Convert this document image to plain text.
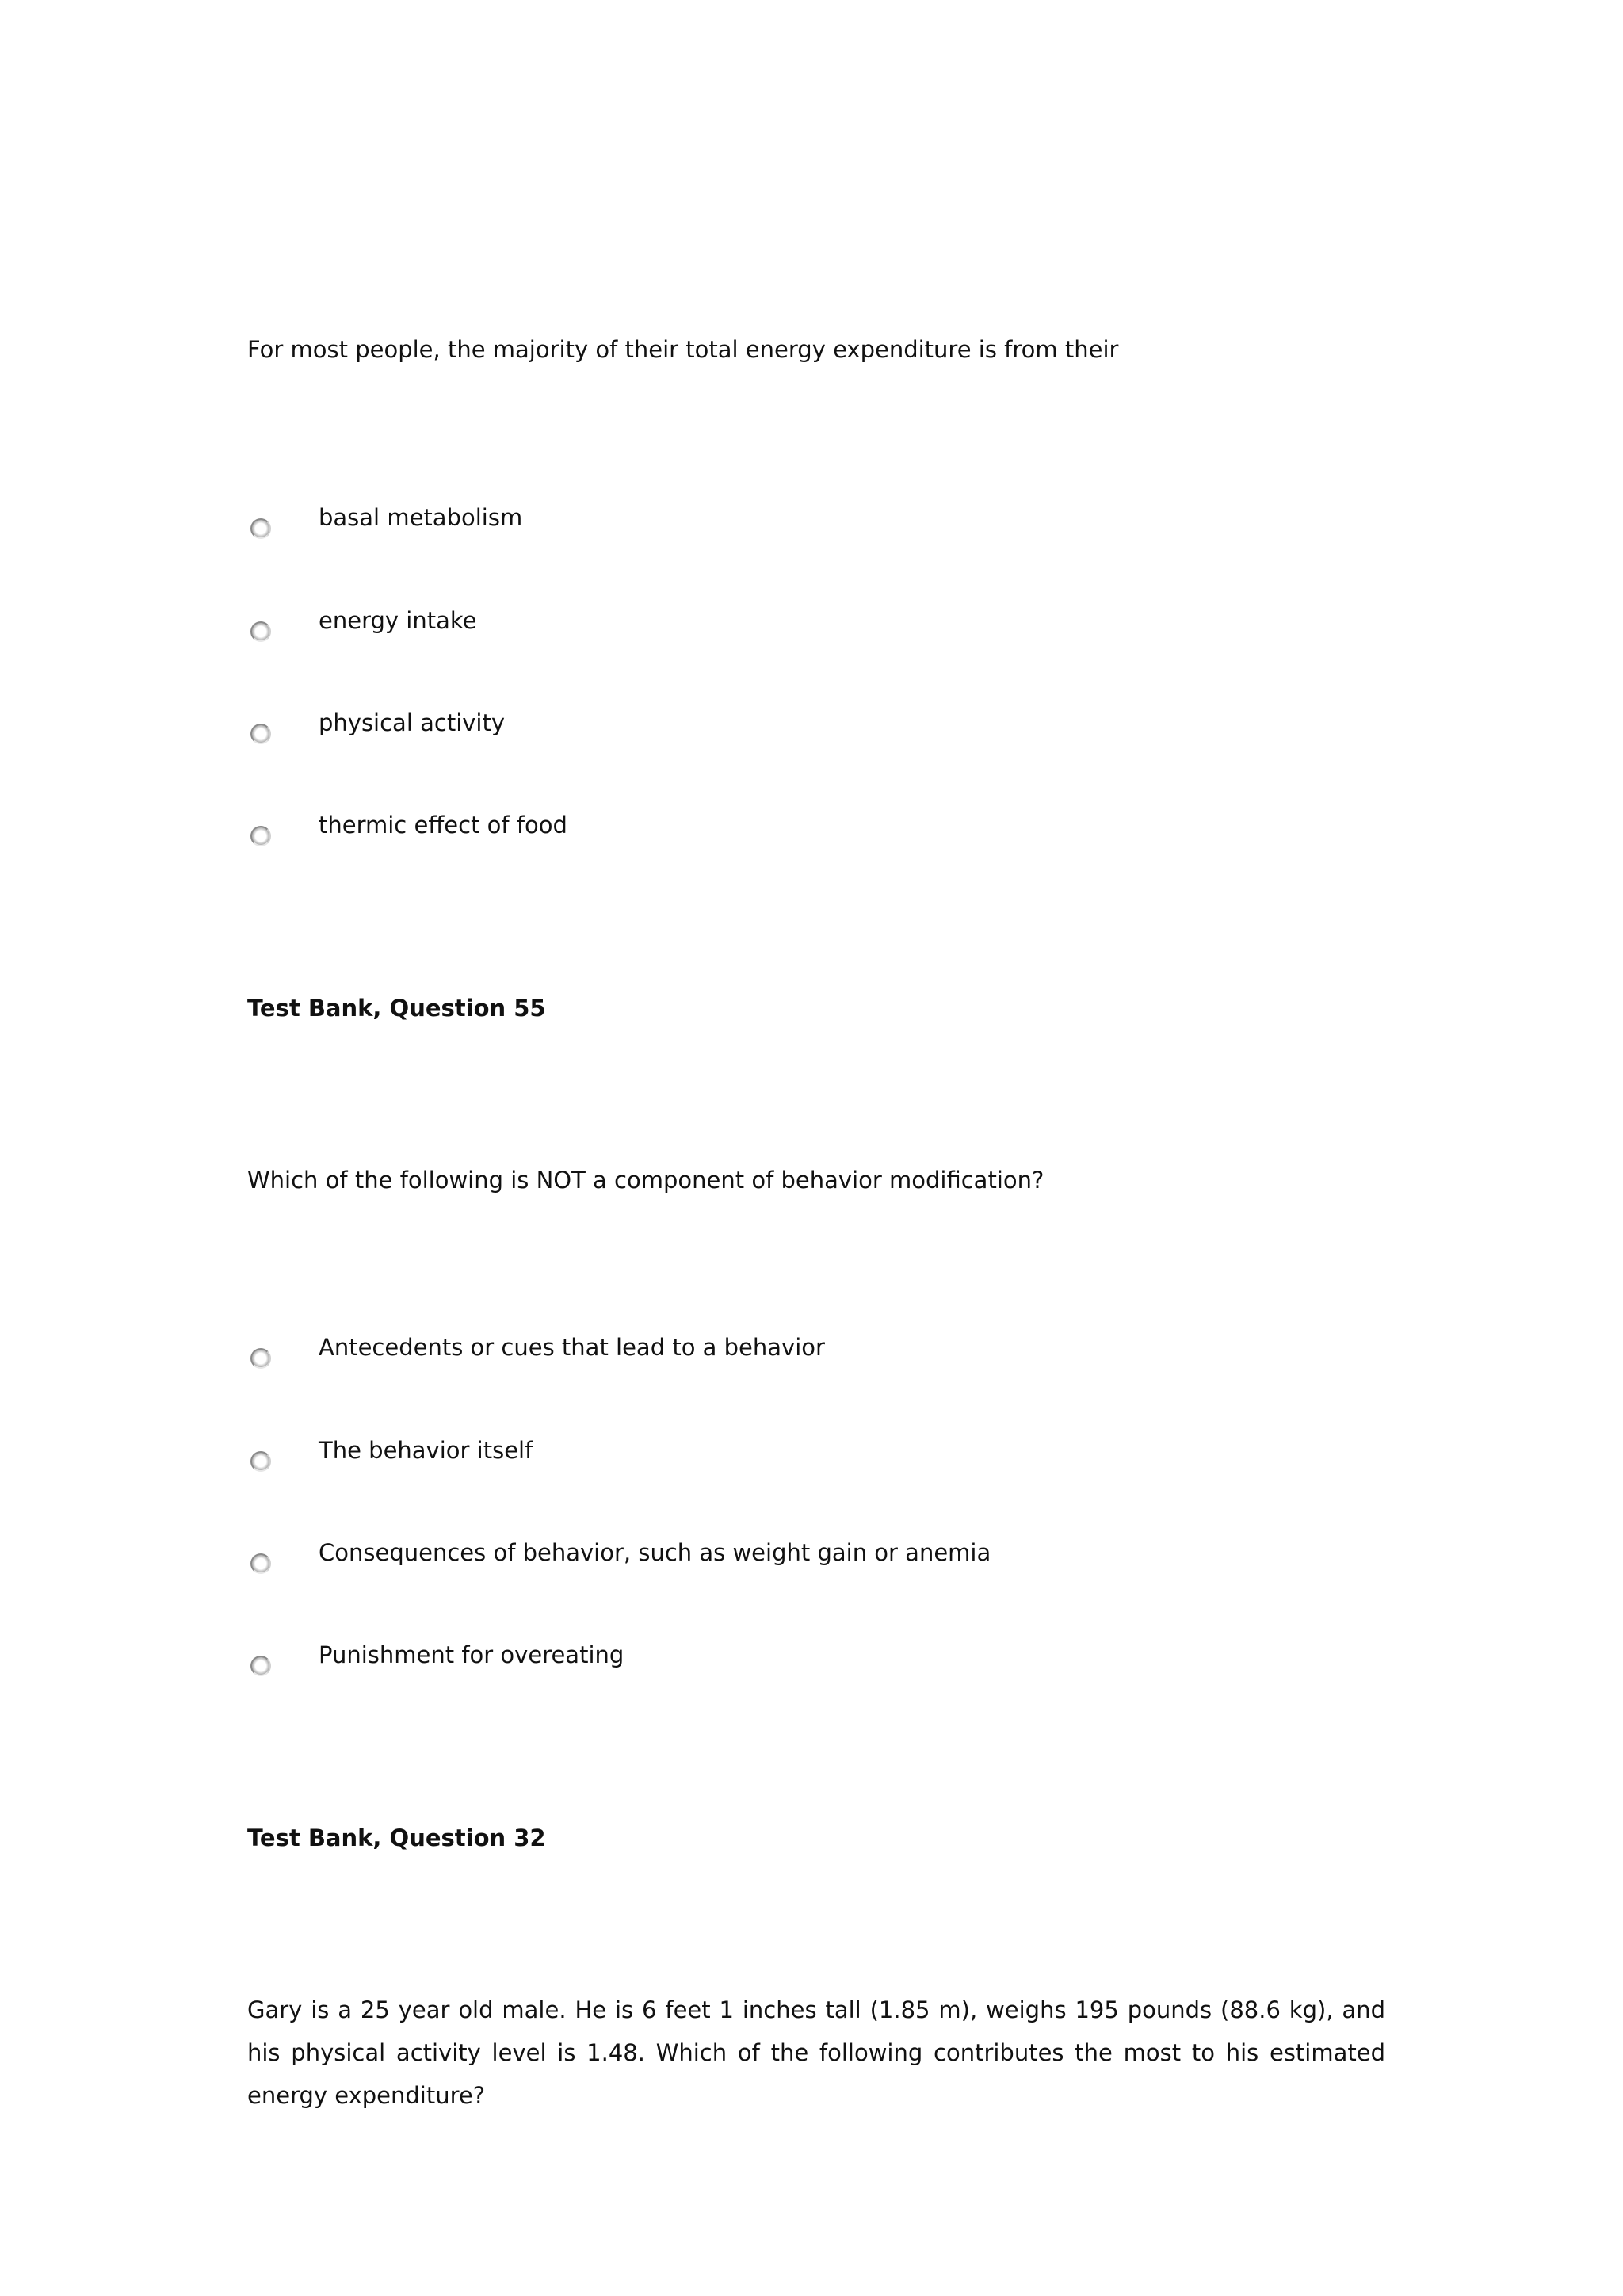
For most people, the majority of their total energy expenditure is from their

basal metabolism
energy intake
physical activity
thermic effect of food

Test Bank, Question 55

Which of the following is NOT a component of behavior modification?

Antecedents or cues that lead to a behavior
The behavior itself
Consequences of behavior, such as weight gain or anemia
Punishment for overeating

Test Bank, Question 32

Gary is a 25 year old male. He is 6 feet 1 inches tall (1.85 m), weighs 195 pounds (88.6 kg), and his physical activity level is 1.48. Which of the following contributes the most to his estimated energy expenditure?
